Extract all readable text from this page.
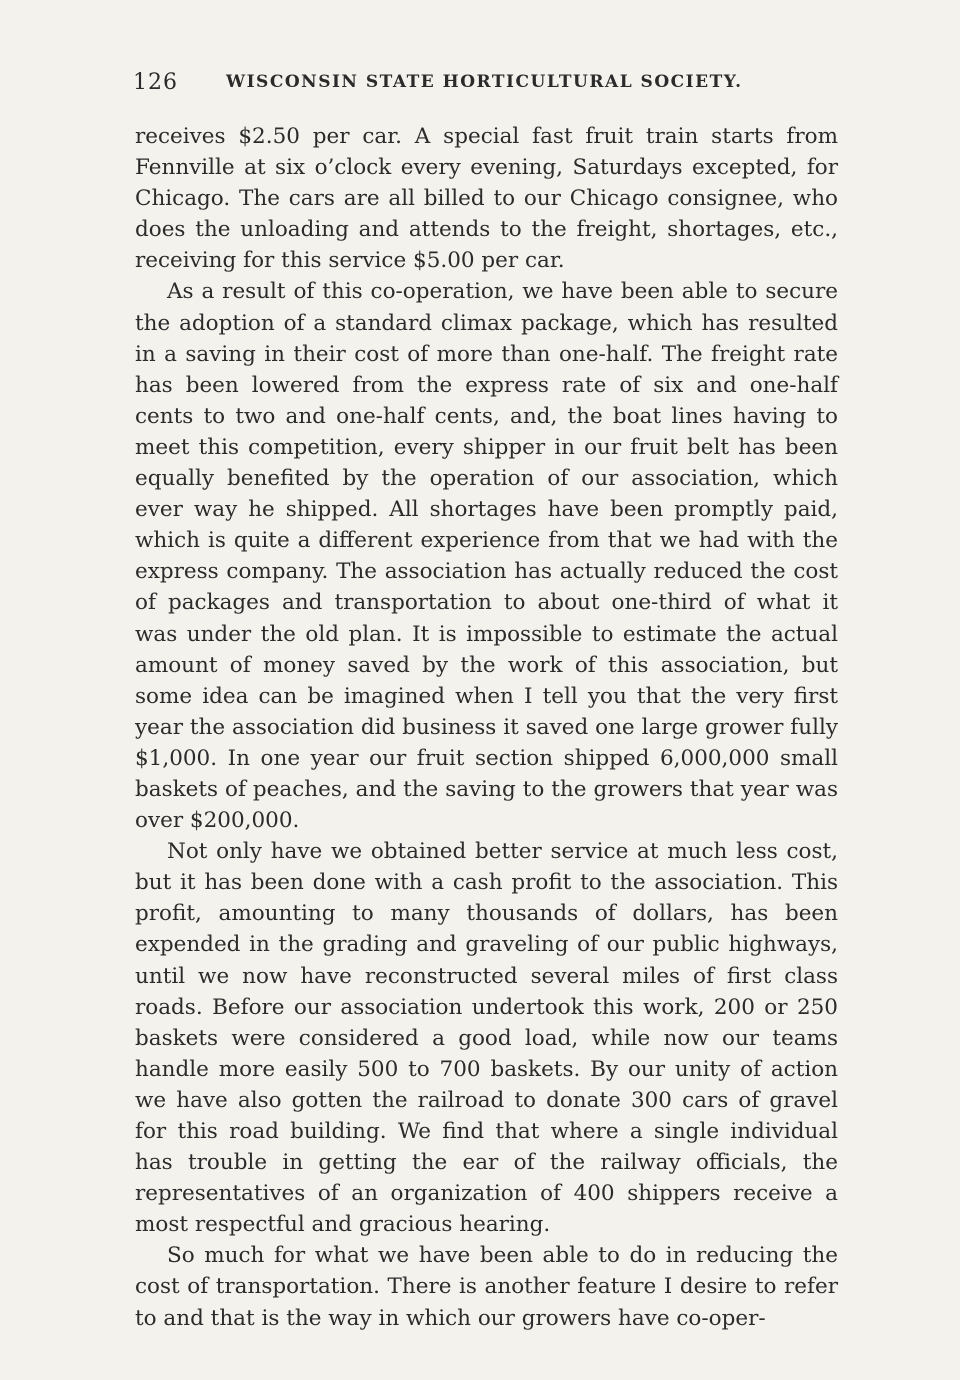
126	WISCONSIN STATE HORTICULTURAL SOCIETY.

receives $2.50 per car. A special fast fruit train starts from Fennville at six o’clock every evening, Saturdays excepted, for Chicago. The cars are all billed to our Chicago consignee, who does the unloading and attends to the freight, shortages, etc., receiving for this service $5.00 per car.

As a result of this co-operation, we have been able to secure the adoption of a standard climax package, which has resulted in a saving in their cost of more than one-half. The freight rate has been lowered from the express rate of six and one-half cents to two and one-half cents, and, the boat lines having to meet this competition, every shipper in our fruit belt has been equally benefited by the operation of our association, which ever way he shipped. All shortages have been promptly paid, which is quite a different experience from that we had with the express company. The association has actually reduced the cost of packages and transportation to about one-third of what it was under the old plan. It is impossible to estimate the actual amount of money saved by the work of this association, but some idea can be imagined when I tell you that the very first year the association did business it saved one large grower fully $1,000. In one year our fruit section shipped 6,000,000 small baskets of peaches, and the saving to the growers that year was over $200,000.

Not only have we obtained better service at much less cost, but it has been done with a cash profit to the association. This profit, amounting to many thousands of dollars, has been expended in the grading and graveling of our public highways, until we now have reconstructed several miles of first class roads. Before our association undertook this work, 200 or 250 baskets were considered a good load, while now our teams handle more easily 500 to 700 baskets. By our unity of action we have also gotten the railroad to donate 300 cars of gravel for this road building. We find that where a single individual has trouble in getting the ear of the railway officials, the representatives of an organization of 400 shippers receive a most respectful and gracious hearing.

So much for what we have been able to do in reducing the cost of transportation. There is another feature I desire to refer to and that is the way in which our growers have co-oper-
